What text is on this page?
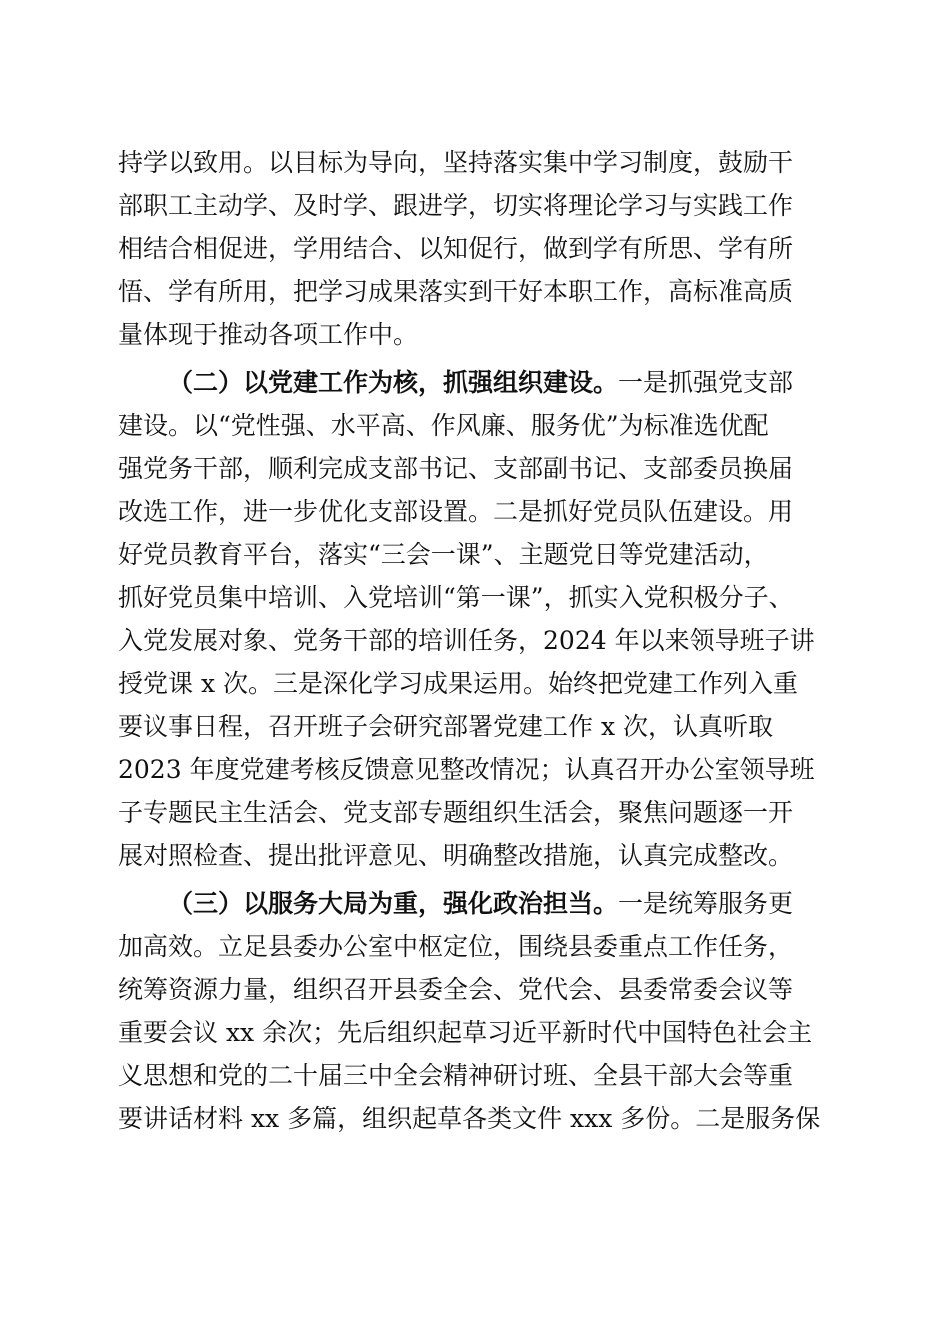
持学以致用。以目标为导向，坚持落实集中学习制度，鼓励干
部职工主动学、及时学、跟进学，切实将理论学习与实践工作
相结合相促进，学用结合、以知促行，做到学有所思、学有所
悟、学有所用，把学习成果落实到干好本职工作，高标准高质
量体现于推动各项工作中。
（二）以党建工作为核，抓强组织建设。一是抓强党支部
建设。以“党性强、水平高、作风廉、服务优”为标准选优配
强党务干部，顺利完成支部书记、支部副书记、支部委员换届
改选工作，进一步优化支部设置。二是抓好党员队伍建设。用
好党员教育平台，落实“三会一课”、主题党日等党建活动，
抓好党员集中培训、入党培训“第一课”，抓实入党积极分子、
入党发展对象、党务干部的培训任务，2024 年以来领导班子讲
授党课 x 次。三是深化学习成果运用。始终把党建工作列入重
要议事日程，召开班子会研究部署党建工作 x 次，认真听取
2023 年度党建考核反馈意见整改情况；认真召开办公室领导班
子专题民主生活会、党支部专题组织生活会，聚焦问题逐一开
展对照检查、提出批评意见、明确整改措施，认真完成整改。
（三）以服务大局为重，强化政治担当。一是统筹服务更
加高效。立足县委办公室中枢定位，围绕县委重点工作任务，
统筹资源力量，组织召开县委全会、党代会、县委常委会议等
重要会议 xx 余次；先后组织起草习近平新时代中国特色社会主
义思想和党的二十届三中全会精神研讨班、全县干部大会等重
要讲话材料 xx 多篇，组织起草各类文件 xxx 多份。二是服务保
